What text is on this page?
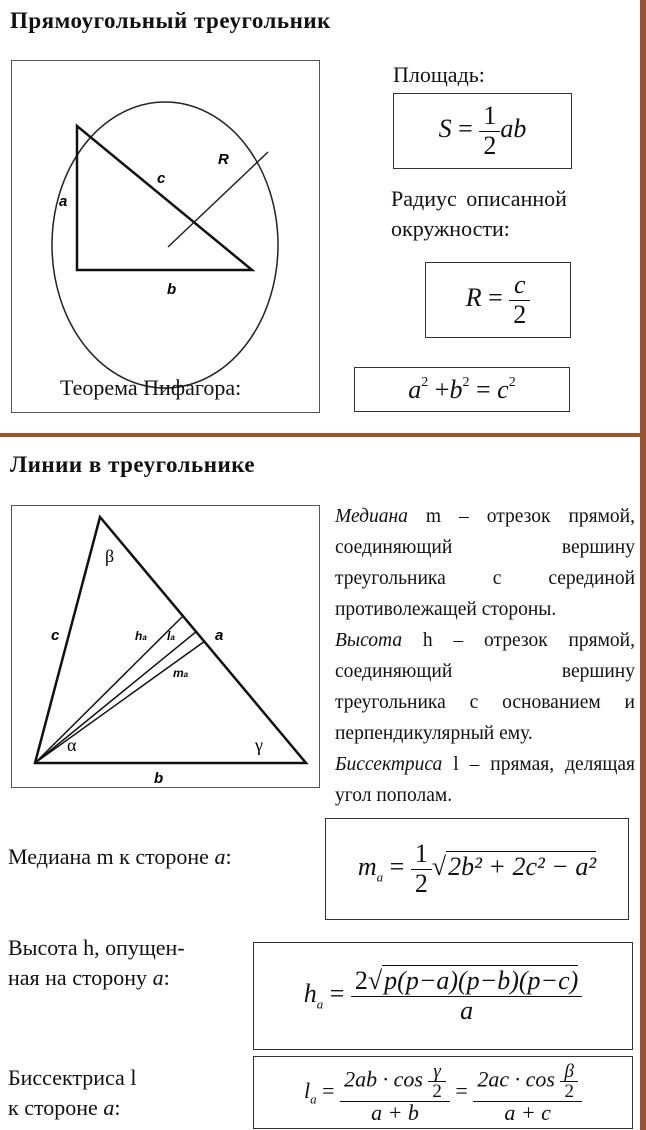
Прямоугольный треугольник
a
c
R
b
Площадь:
$S = \frac{1}{2}$ ab
Радиус описанной
окружности:
$R = \frac{c}{2}$
Теорема Пифагора:	$a^2 +b^2 = c^2$
Линии в треугольнике
c	a
b
ha la
ma
β
α	γ
Медиана m – отрезок прямой, соединяющий вершину треугольника с серединой противолежащей стороны.
Высота h – отрезок прямой, соединяющий вершину треугольника с основанием и перпендикулярный ему.
Биссектриса l – прямая, делящая угол пополам.
Медиана m к стороне a:	$m_a = \frac{1}{2} √2b^2 + 2c^2 - a^2$
Высота h, опущен-
ная на сторону a:
$h_a = \frac{2√p(p-a)(p-b)(p-c)}{a}$
Биссектриса l
к стороне a:
$l_a = \frac{2ab \cdot \cos \frac{\gamma}{2}}{a + b} = \frac{2ac \cdot \cos \frac{\beta}{2}}{a + c}$
